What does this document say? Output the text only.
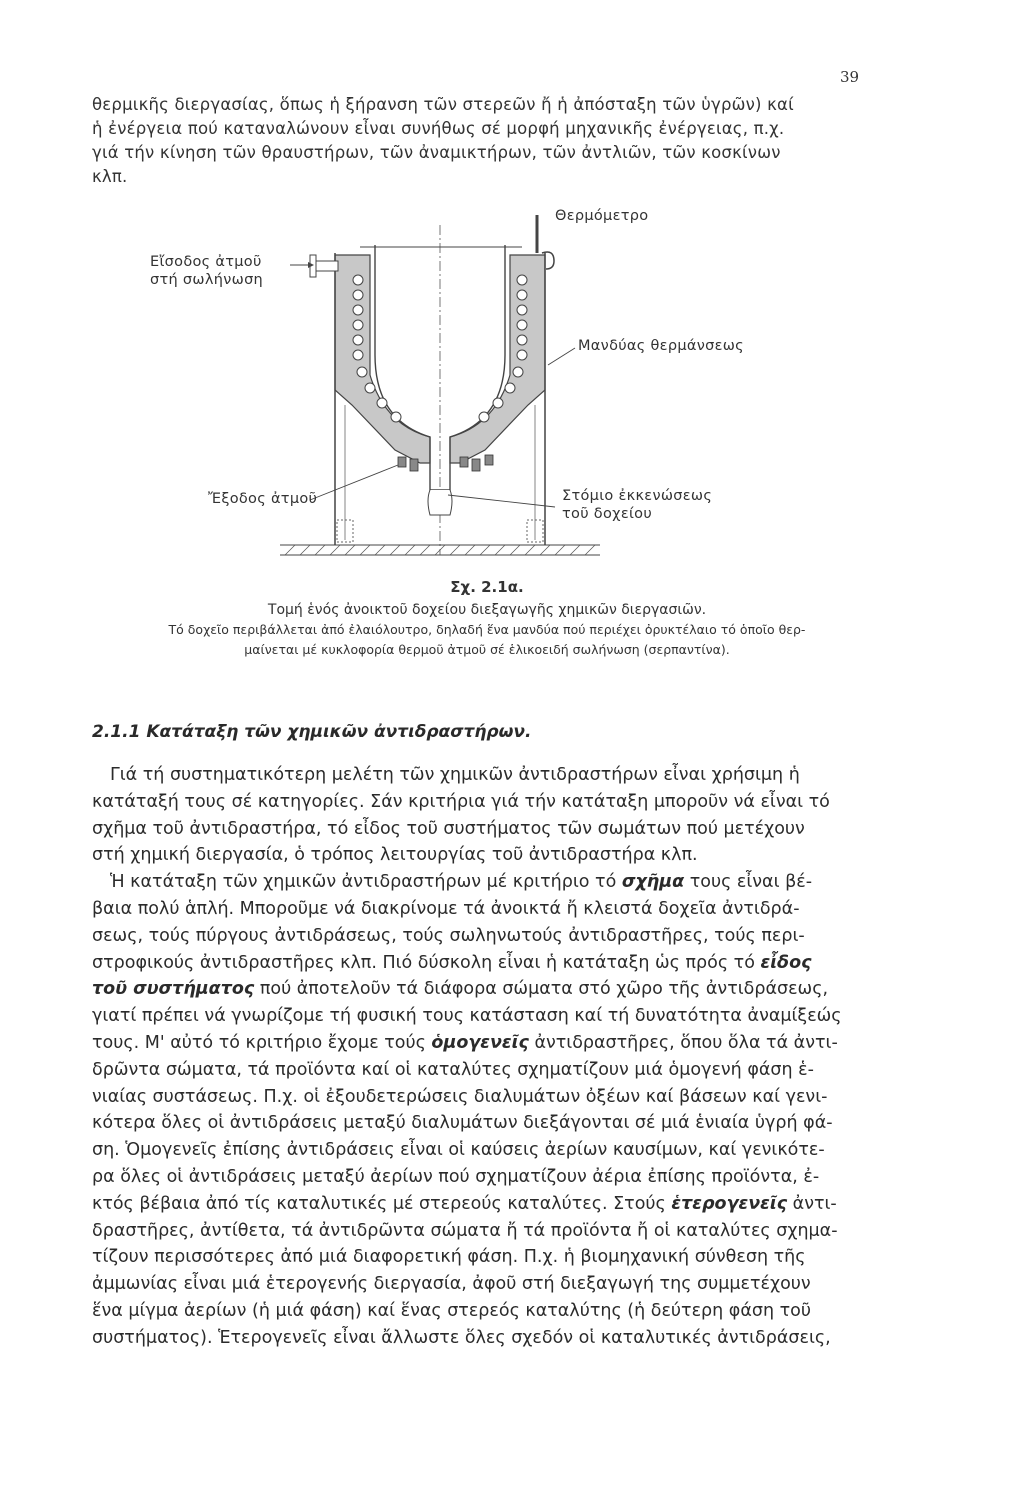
39
θερμικῆς διεργασίας, ὅπως ἡ ξήρανση τῶν στερεῶν ἤ ἡ ἀπόσταξη τῶν ὑγρῶν) καί
ἡ ἐνέργεια πού καταναλώνουν εἶναι συνήθως σέ μορφή μηχανικῆς ἐνέργειας, π.χ.
γιά τήν κίνηση τῶν θραυστήρων, τῶν ἀναμικτήρων, τῶν ἀντλιῶν, τῶν κοσκίνων
κλπ.
Θερμόμετρο
Εἴσοδος ἀτμοῦ
στή σωλήνωση
Μανδύας θερμάνσεως
Ἔξοδος ἀτμοῦ	Στόμιο ἐκκενώσεως
τοῦ δοχείου
Σχ. 2.1α.
Τομή ἑνός ἀνοικτοῦ δοχείου διεξαγωγῆς χημικῶν διεργασιῶν.
Τό δοχεῖο περιβάλλεται ἀπό ἐλαιόλουτρο, δηλαδή ἕνα μανδύα πού περιέχει ὀρυκτέλαιο τό ὁποῖο θερ-
μαίνεται μέ κυκλοφορία θερμοῦ ἀτμοῦ σέ ἑλικοειδή σωλήνωση (σερπαντίνα).
2.1.1 Κατάταξη τῶν χημικῶν ἀντιδραστήρων.
Γιά τή συστηματικότερη μελέτη τῶν χημικῶν ἀντιδραστήρων εἶναι χρήσιμη ἡ
κατάταξή τους σέ κατηγορίες. Σάν κριτήρια γιά τήν κατάταξη μποροῦν νά εἶναι τό
σχῆμα τοῦ ἀντιδραστήρα, τό εἶδος τοῦ συστήματος τῶν σωμάτων πού μετέχουν
στή χημική διεργασία, ὁ τρόπος λειτουργίας τοῦ ἀντιδραστήρα κλπ.
Ἡ κατάταξη τῶν χημικῶν ἀντιδραστήρων μέ κριτήριο τό σχῆμα τους εἶναι βέ-
βαια πολύ ἁπλή. Μποροῦμε νά διακρίνομε τά ἀνοικτά ἤ κλειστά δοχεῖα ἀντιδρά-
σεως, τούς πύργους ἀντιδράσεως, τούς σωληνωτούς ἀντιδραστῆρες, τούς περι-
στροφικούς ἀντιδραστῆρες κλπ. Πιό δύσκολη εἶναι ἡ κατάταξη ὡς πρός τό εἶδος
τοῦ συστήματος πού ἀποτελοῦν τά διάφορα σώματα στό χῶρο τῆς ἀντιδράσεως,
γιατί πρέπει νά γνωρίζομε τή φυσική τους κατάσταση καί τή δυνατότητα ἀναμίξεώς
τους. Μ' αὐτό τό κριτήριο ἔχομε τούς ὁμογενεῖς ἀντιδραστῆρες, ὅπου ὅλα τά ἀντι-
δρῶντα σώματα, τά προϊόντα καί οἱ καταλύτες σχηματίζουν μιά ὁμογενή φάση ἑ-
νιαίας συστάσεως. Π.χ. οἱ ἐξουδετερώσεις διαλυμάτων ὀξέων καί βάσεων καί γενι-
κότερα ὅλες οἱ ἀντιδράσεις μεταξύ διαλυμάτων διεξάγονται σέ μιά ἑνιαία ὑγρή φά-
ση. Ὁμογενεῖς ἐπίσης ἀντιδράσεις εἶναι οἱ καύσεις ἀερίων καυσίμων, καί γενικότε-
ρα ὅλες οἱ ἀντιδράσεις μεταξύ ἀερίων πού σχηματίζουν ἀέρια ἐπίσης προϊόντα, ἐ-
κτός βέβαια ἀπό τίς καταλυτικές μέ στερεούς καταλύτες. Στούς ἑτερογενεῖς ἀντι-
δραστῆρες, ἀντίθετα, τά ἀντιδρῶντα σώματα ἤ τά προϊόντα ἤ οἱ καταλύτες σχημα-
τίζουν περισσότερες ἀπό μιά διαφορετική φάση. Π.χ. ἡ βιομηχανική σύνθεση τῆς
ἀμμωνίας εἶναι μιά ἑτερογενής διεργασία, ἀφοῦ στή διεξαγωγή της συμμετέχουν
ἕνα μίγμα ἀερίων (ἡ μιά φάση) καί ἕνας στερεός καταλύτης (ἡ δεύτερη φάση τοῦ
συστήματος). Ἑτερογενεῖς εἶναι ἄλλωστε ὅλες σχεδόν οἱ καταλυτικές ἀντιδράσεις,
